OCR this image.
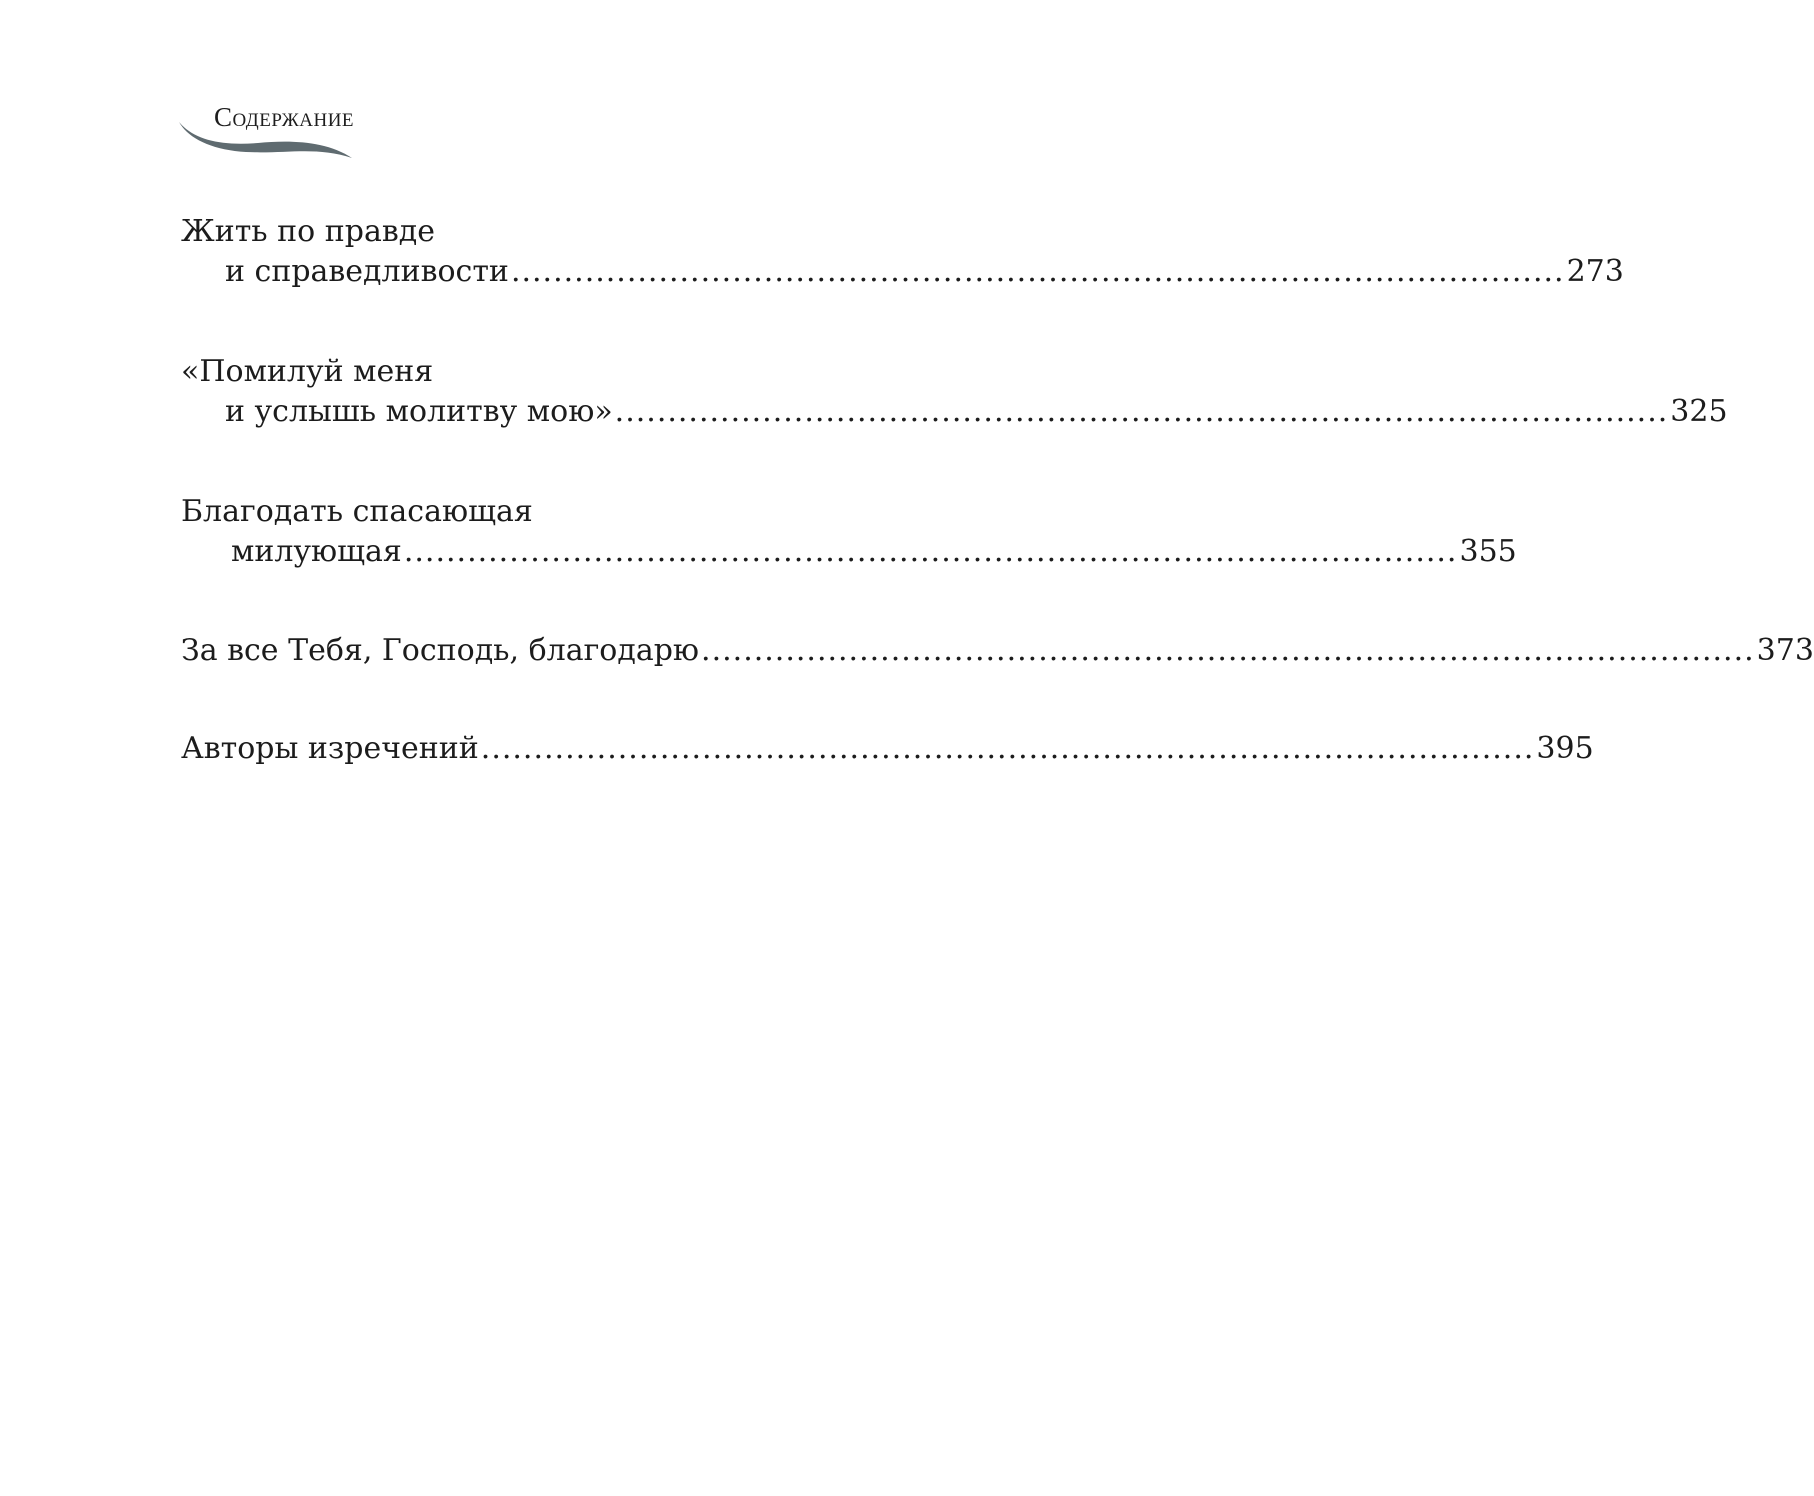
Содержание
Жить по правде
и справедливости .................................................................................................... 273
«Помилуй меня
и услышь молитву мою» .................................................................................................... 325
Благодать спасающая
милующая .................................................................................................... 355
За все Тебя, Господь, благодарю .................................................................................................... 373
Авторы изречений .................................................................................................... 395
